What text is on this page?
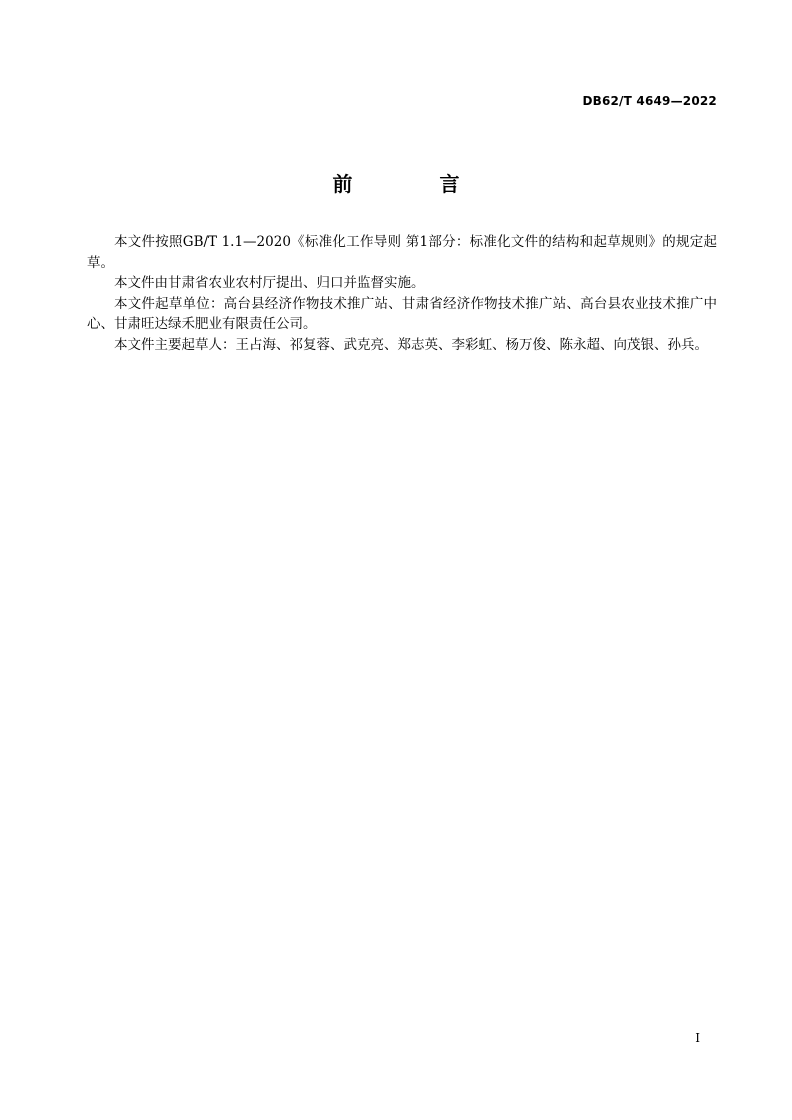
DB62/T 4649—2022
前 言

本文件按照GB/T 1.1—2020《标准化工作导则 第1部分：标准化文件的结构和起草规则》的规定起草。

本文件由甘肃省农业农村厅提出、归口并监督实施。

本文件起草单位：高台县经济作物技术推广站、甘肃省经济作物技术推广站、高台县农业技术推广中心、甘肃旺达绿禾肥业有限责任公司。

本文件主要起草人：王占海、祁复蓉、武克亮、郑志英、李彩虹、杨万俊、陈永超、向茂银、孙兵。

I
